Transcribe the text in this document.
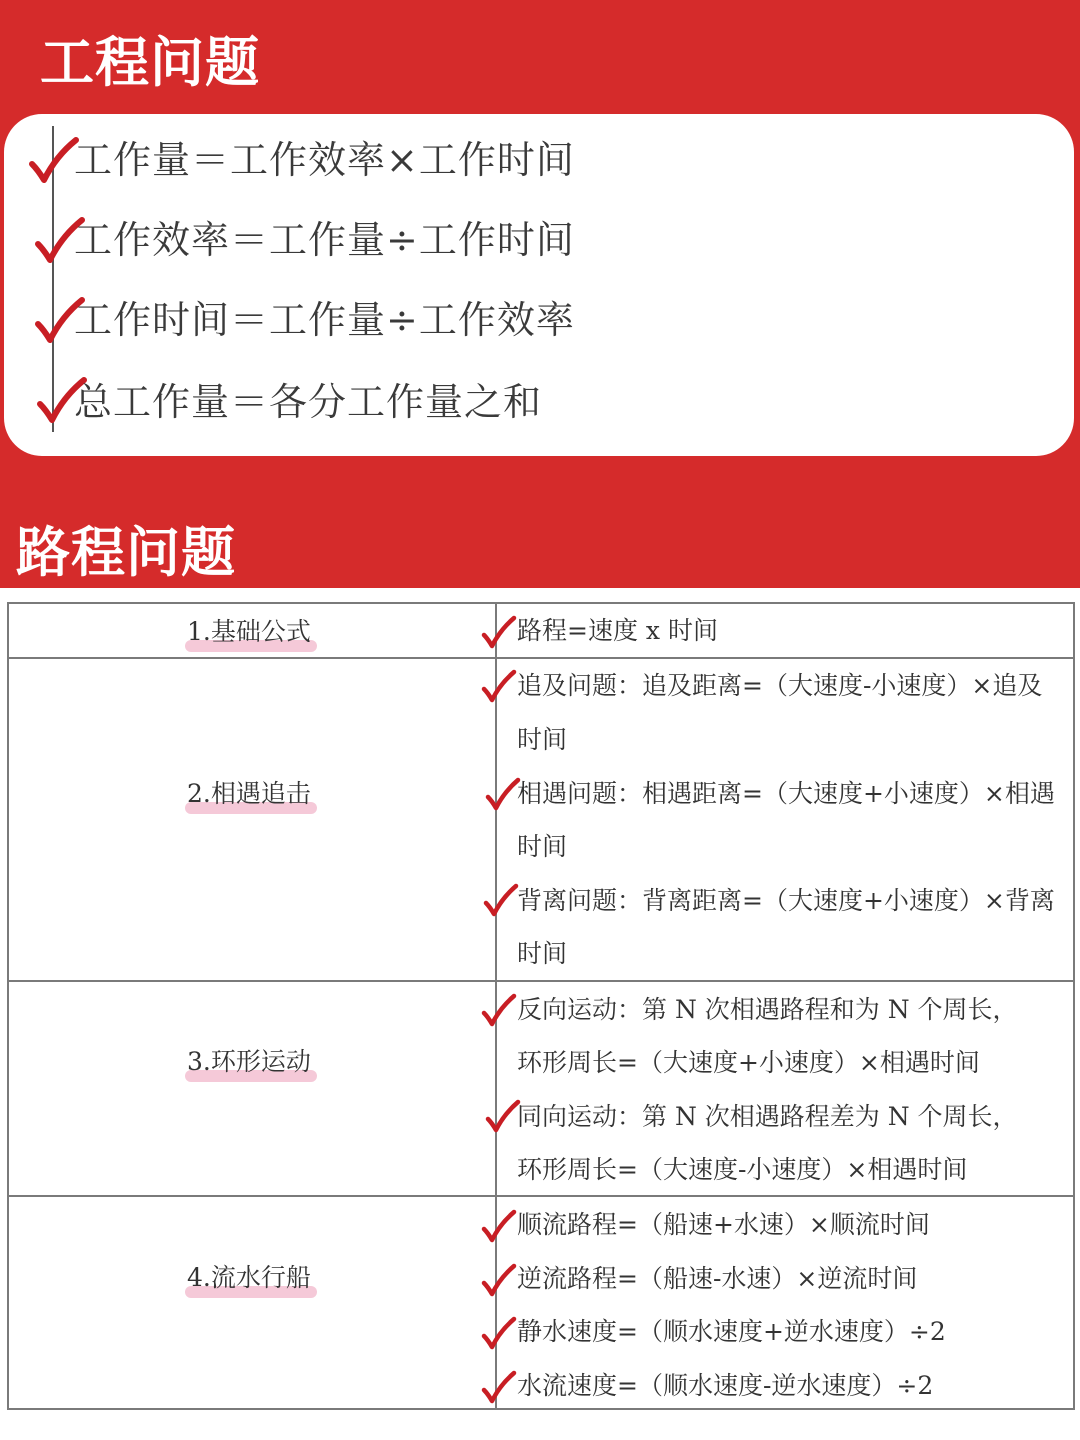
工程问题
工作量＝工作效率×工作时间
工作效率＝工作量÷工作时间
工作时间＝工作量÷工作效率
总工作量＝各分工作量之和
路程问题
1.基础公式	路程=速度 x 时间
2.相遇追击
追及问题：追及距离=（大速度-小速度）×追及
时间
相遇问题：相遇距离=（大速度+小速度）×相遇
时间
背离问题：背离距离=（大速度+小速度）×背离
时间
3.环形运动
反向运动：第 N 次相遇路程和为 N 个周长，
环形周长=（大速度+小速度）×相遇时间
同向运动：第 N 次相遇路程差为 N 个周长，
环形周长=（大速度-小速度）×相遇时间
4.流水行船
顺流路程=（船速+水速）×顺流时间
逆流路程=（船速-水速）×逆流时间
静水速度=（顺水速度+逆水速度）÷2
水流速度=（顺水速度-逆水速度）÷2
